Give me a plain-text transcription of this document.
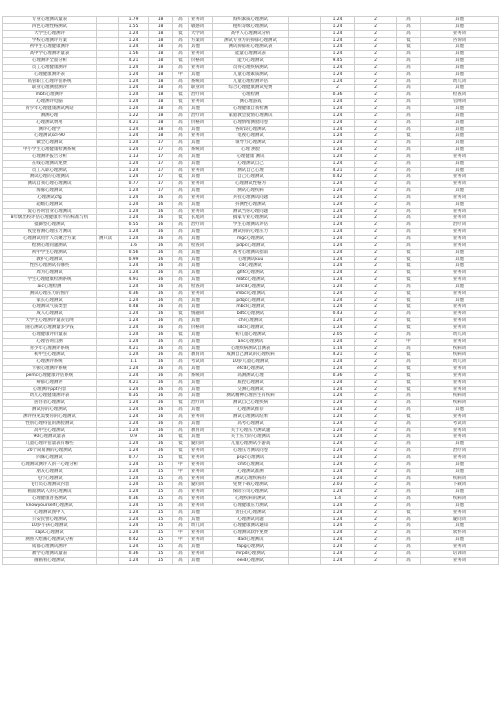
专业心理测试量表		1.79	18	高	业务词	海织素质心理测试		1.24	2	高	其他
四色心理性格测试		1.55	18	高	敏感词	粗织等级心理测试		1.24	2	高	其他
大学生心理测评		1.24	18	低	大学词	高中人心理测试分析		1.24	2	高	业务词
学校心理测评方案		1.24	18	高	方案词	测试专业方的抑郁心理测试		1.24	2	低	咨询词
初中生心理健康测评		1.24	18	高	其他	测试抑郁症心理测试表		1.24	2	低	其他
高中学心理测评量表		1.56	18	高	业务词	能量心理测试表		1.24	2	高	其他
心理测评全面分析		4.21	18	低	价格词	能力心理测试		9.45	2	高	其他
员工心理健康测评		1.24	18	高	业务词	员得心理疾病测试		1.24	2	高	其他
心理健康测评表		1.24	18	中	其他	儿童心理素质测试		1.24	2	高	其他
高管职工心理评估系统		1.24	18	高	系统词	儿童心理检测评估		1.24	2	高	幼儿词
职业心理测验测评		1.24	18	高	职业词	综合心理健康测试免费		2	2	高	其他
mbti心理测评		1.24	18	低	治疗词	心理检测		0.36	2	高	检查词
心理测评电脑		1.24	18	低	业务词	测心理游戏		1.24	2	高	官网词
青少年心理健康测试网站		1.24	18	高	其他	心理健康自我检测		1.24	2	高	其他
测测心理		1.22	18	高	治疗词	家庭教会爱情心理测试		1.24	2	高	其他
心理测试费用		4.21	18	高	价格词	心理情绪测验问卷		1.24	2	高	其他
测评心理学		1.24	18	高	其他	各阶段心理测试		1.24	2	高	其他
心理测试scl-90		1.24	18	高	业务词	电视心理测试		1.24	2	低	其他
做全心理测试		1.24	17	高	其他	领导力心理测试		1.24	2	高	其他
中小学生心理健康检测系统		1.24	17	高	系统词	心理 测验		1.24	2	高	其他
心理测评报告分析		1.13	17	高	其他	心理健康 测试		1.24	2	高	业务词
在线心理测试免费		1.24	17	高	其他	心理测试自己		1.24	2	高	其他
员工入职心理测试		1.24	17	高	业务词	测试自己心理		4.21	2	高	其他
测试心理的心理测试		1.24	17	低	其他	自己心理测试		0.42	2	高	业务词
测试自我心理心理测试		0.77	17	高	业务词	心理测试性格为		1.24	2	高	业务词
海豚心理测试		1.24	17	高	其他	测试心理疾病		1.24	2	高	其他
心理测试cfg		1.24	16	高	业务词	兵役心理测试问题		1.24	2	高	业务词
超级心理测试		1.24	16	高	其他	抖测性心理测试		1.24	2	高	其他
爱心咨询营业心理测试		1.24	16	高	业务词	测试当你心理问题		1.24	2	高	业务词
8年级出校评估心理健康水平的标准与机		1.24	16	低	长尾词	搞家专业心理测试		1.24	2	高	业务词
抵御型心理测试		0.55	16	高	治疗词	学生心理测试评估		1.24	2	高	治疗词
夜里看测心理压力测试		1.24	16	高	其他	测试你的心理压力		1.24	2	高	业务词
心理测试用什人员聚合方案	测只读	1.24	16	高	其他	mgc心理测试		1.24	2	高	业务词
绘测心理问题测试		1.6	16	高	检查词	pdpc心理测试		1.24	2	高	业务词
初中学生心理测试		0.56	16	高	其他	高考心理测试指南		1.24	2	低	其他
教护心理测试		0.99	16	高	其他	心理测试kuu		1.24	2	低	其他
性医心理测试有哪些		1.24	16	高	其他	cd心理测试		1.24	2	低	其他
周为心理测试		1.24	16	高	其他	ghfc心理测试		1.24	2	低	业务词
学生心理健康检测系统		4.91	16	高	其他	mbtc心理测试		1.24	2	低	业务词
aic心理检测		1.24	16	高	检查词	arrcd心理测试		1.24	2	高	其他
测试心理压力的图片		0.36	16	高	业务词	imbcl心理测试		1.24	2	低	业务词
家长心理测试		1.24	16	高	其他	pdqc心理测试		1.24	2	低	其他
心理测试气质类型		0.48	16	高	其他	mbcl心理测试		1.24	2	低	业务词
成人心理测试		1.24	16	低	情趣词	bdtc心理测试		0.43	2	高	业务词
大学生心理测评量表官网		1.24	16	高	其他	chl心理测试		1.24	2	低	业务词
随心测试心理测量多少钱		1.24	16	高	价格词	sdcl心理测试		1.24	2	低	业务词
心理健康评价量表		1.24	16	低	其他	初儿童心理测试		2.05	2	高	幼儿词
心理咨询自测		1.24	16	高	其他	anc心理测试		1.24	2	中	业务词
青少年心理测评系统		4.21	16	高	其他	心理疾病测试自测表		1.14	2	高	疾病词
初中生心理测试		1.24	16	高	教育词	成测自己测试的心理疾病		4.21	2	低	疾病词
心理测评系统		1.1	16	高	考试词	10岁儿童心理测试		1.24	2	高	幼儿词
卡顿心理测评系统		1.24	16	高	其他	efcd心理测试		1.24	2	低	业务词
pemc心理健康评估系统		1.24	16	高	系统词	高测测试心理		0.36	2	低	业务词
辩郁心理测评		4.21	16	高	其他	质控心理测试		1.24	2	低	业务词
心理测评ppt内容		1.24	16	高	其他	交测心理测试		1.24	2	低	业务词
幼儿心理健康测评表		0.35	16	高	其他	测试精神心理医生有疾病		1.24	2	高	疾病词
居住者心理测试		1.24	16	低	治疗词	测试自己心理疾病		1.24	2	高	疾病词
测试你的心理测试		1.24	16	高	其他	心理测试推荐		1.24	2	高	其他
测评得见需要你的心理测试		1.24	16	高	业务词	测试心理测试结果		1.24	2	低	业务词
性别心理特征的测验测试		1.24	16	高	其他	高考心理测试		1.24	2	高	考试词
高中生心理测试		1.24	16	高	教育词	关于心理压力测试题		1.24	2	高	业务词
90心理测试量表		0.9	16	低	其他	关于压力的心理测试		1.24	2	高	业务词
儿童心理评估量表有哪些		1.24	16	低	疑问词	儿童心理测试小游戏		1.24	2	高	其他
20个简易测的心理测试		1.24	16	低	业务词	心理压力测试问卷		1.24	2	高	治疗词
四妹心理测试		0.77	15	低	业务词	psyc心理测试		1.24	2	高	业务词
心理测试测评人的一心理分析		1.24	15	中	业务词	cmt心理测试		1.24	2	高	其他
朋友心理测试		1.24	15	中	业务词	心理测试准测		1.24	2	高	其他
飞行心理测试		1.24	15	高	业务词	测试心理疾病的		1.24	2	高	疾病词
飞行员心理测试内容		1.24	15	高	疑问词	免费下载心理测试		2.03	2	高	下载词
画面测试人的心理测试		1.24	15	高	业务词	保险公司心理测试		1.24	2	高	其他
心理健康普查测试		0.36	15	高	业务词	心理疾病的测试		1.4	2	高	疾病词
knowyourself心理测试		1.24	15	高	业务词	心理健康压力测试		1.24	2	高	其他
心理测试图中人		1.24	15	高	其他	责任心心理测试		1.24	2	低	业务词
公安民警心理测试		1.24	15	高	其他	心理测试问题		1.24	2	高	疑问词
10岁小孩心理测试		1.24	15	高	幼儿词	心理健康测试通知		1.24	2	高	其他
sapC心理测试		1.24	15	中	业务词	心理测试软件免费		1.24	2	高	软件词
测照人绘画心理测试分析		0.42	15	中	业务词	dad心理测试		1.24	2	高	其他
成都心理测试测评		1.24	15	高	其他	fapg心理测试		1.24	2	高	业务词
教学心理测试量表		0.36	15	高	业务词	mrpd心理测试		1.24	2	高	培训词
画画看心理测试		1.24	15	高	其他	eeid心理测试		1.24	2	高	业务词
